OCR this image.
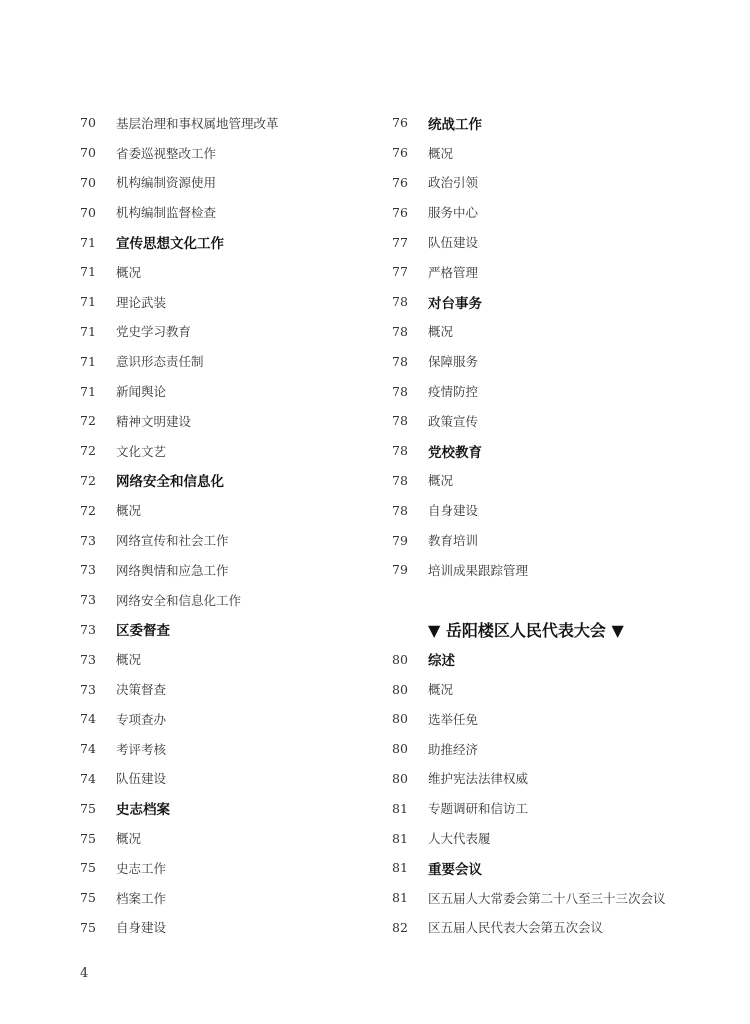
70	基层治理和事权属地管理改革
70	省委巡视整改工作
70	机构编制资源使用
70	机构编制监督检查
71	宣传思想文化工作
71	概况
71	理论武装
71	党史学习教育
71	意识形态责任制
71	新闻舆论
72	精神文明建设
72	文化文艺
72	网络安全和信息化
72	概况
73	网络宣传和社会工作
73	网络舆情和应急工作
73	网络安全和信息化工作
73	区委督查
73	概况
73	决策督查
74	专项查办
74	考评考核
74	队伍建设
75	史志档案
75	概况
75	史志工作
75	档案工作
75	自身建设
76	统战工作
76	概况
76	政治引领
76	服务中心
77	队伍建设
77	严格管理
78	对台事务
78	概况
78	保障服务
78	疫情防控
78	政策宣传
78	党校教育
78	概况
78	自身建设
79	教育培训
79	培训成果跟踪管理
▼ 岳阳楼区人民代表大会 ▼
80	综述
80	概况
80	选举任免
80	助推经济
80	维护宪法法律权威
81	专题调研和信访工
81	人大代表履
81	重要会议
81	区五届人大常委会第二十八至三十三次会议
82	区五届人民代表大会第五次会议
4
